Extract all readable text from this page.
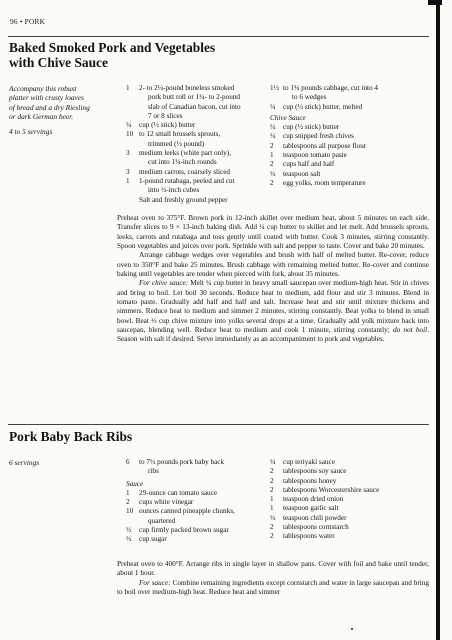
96 • PORK
Baked Smoked Pork and Vegetables
with Chive Sauce
Accompany this robust
platter with crusty loaves
of bread and a dry Riesling
or dark German beer.
4 to 5 servings
1 2- to 2¼-pound boneless smoked
pork butt roll or 1¼- to 2-pound
slab of Canadian bacon, cut into
7 or 8 slices
¼ cup (½ stick) butter
10 to 12 small brussels sprouts,
trimmed (½ pound)
3 medium leeks (white part only),
cut into 1¼-inch rounds
3 medium carrots, coarsely sliced
1 1-pound rutabaga, peeled and cut
into ½-inch cubes
Salt and freshly ground pepper
1½ to 1¾ pounds cabbage, cut into 4
to 6 wedges
¼ cup (½ stick) butter, melted
Chive Sauce
¼ cup (½ stick) butter
¼ cup snipped fresh chives
2 tablespoons all purpose flour
1 teaspoon tomato paste
2 cups half and half
½ teaspoon salt
2 egg yolks, room temperature

Preheat oven to 375°F. Brown pork in 12-inch skillet over medium heat, about 5 minutes on each side. Transfer slices to 9 × 13-inch baking dish. Add ¼ cup butter to skillet and let melt. Add brussels sprouts, leeks, carrots and rutabaga and toss gently until coated with butter. Cook 3 minutes, stirring constantly. Spoon vegetables and juices over pork. Sprinkle with salt and pepper to taste. Cover and bake 20 minutes.

Arrange cabbage wedges over vegetables and brush with half of melted butter. Re-cover, reduce oven to 350°F and bake 25 minutes. Brush cabbage with remaining melted butter. Re-cover and continue baking until vegetables are tender when pierced with fork, about 35 minutes.

For chive sauce: Melt ¼ cup butter in heavy small saucepan over medium-high heat. Stir in chives and bring to boil. Let boil 30 seconds. Reduce heat to medium, add flour and stir 3 minutes. Blend in tomato paste. Gradually add half and half and salt. Increase heat and stir until mixture thickens and simmers. Reduce heat to medium and simmer 2 minutes, stirring constantly. Beat yolks to blend in small bowl. Beat ⅔ cup chive mixture into yolks several drops at a time. Gradually add yolk mixture back into saucepan, blending well. Reduce heat to medium and cook 1 minute, stirring constantly; do not boil. Season with salt if desired. Serve immediately as an accompaniment to pork and vegetables.

Pork Baby Back Ribs
6 servings	6 to 7½ pounds pork baby back
ribs
Sauce
1 29-ounce can tomato sauce
2 cups white vinegar
10 ounces canned pineapple chunks,
quartered
½ cup firmly packed brown sugar
½ cup sugar
¼ cup teriyaki sauce
2 tablespoons soy sauce
2 tablespoons honey
2 tablespoons Worcestershire sauce
1 teaspoon dried onion
1 teaspoon garlic salt
½ teaspoon chili powder
2 tablespoons cornstarch
2 tablespoons water

Preheat oven to 400°F. Arrange ribs in single layer in shallow pans. Cover with foil and bake until tender, about 1 hour.

For sauce: Combine remaining ingredients except cornstarch and water in large saucepan and bring to boil over medium-high heat. Reduce heat and simmer
